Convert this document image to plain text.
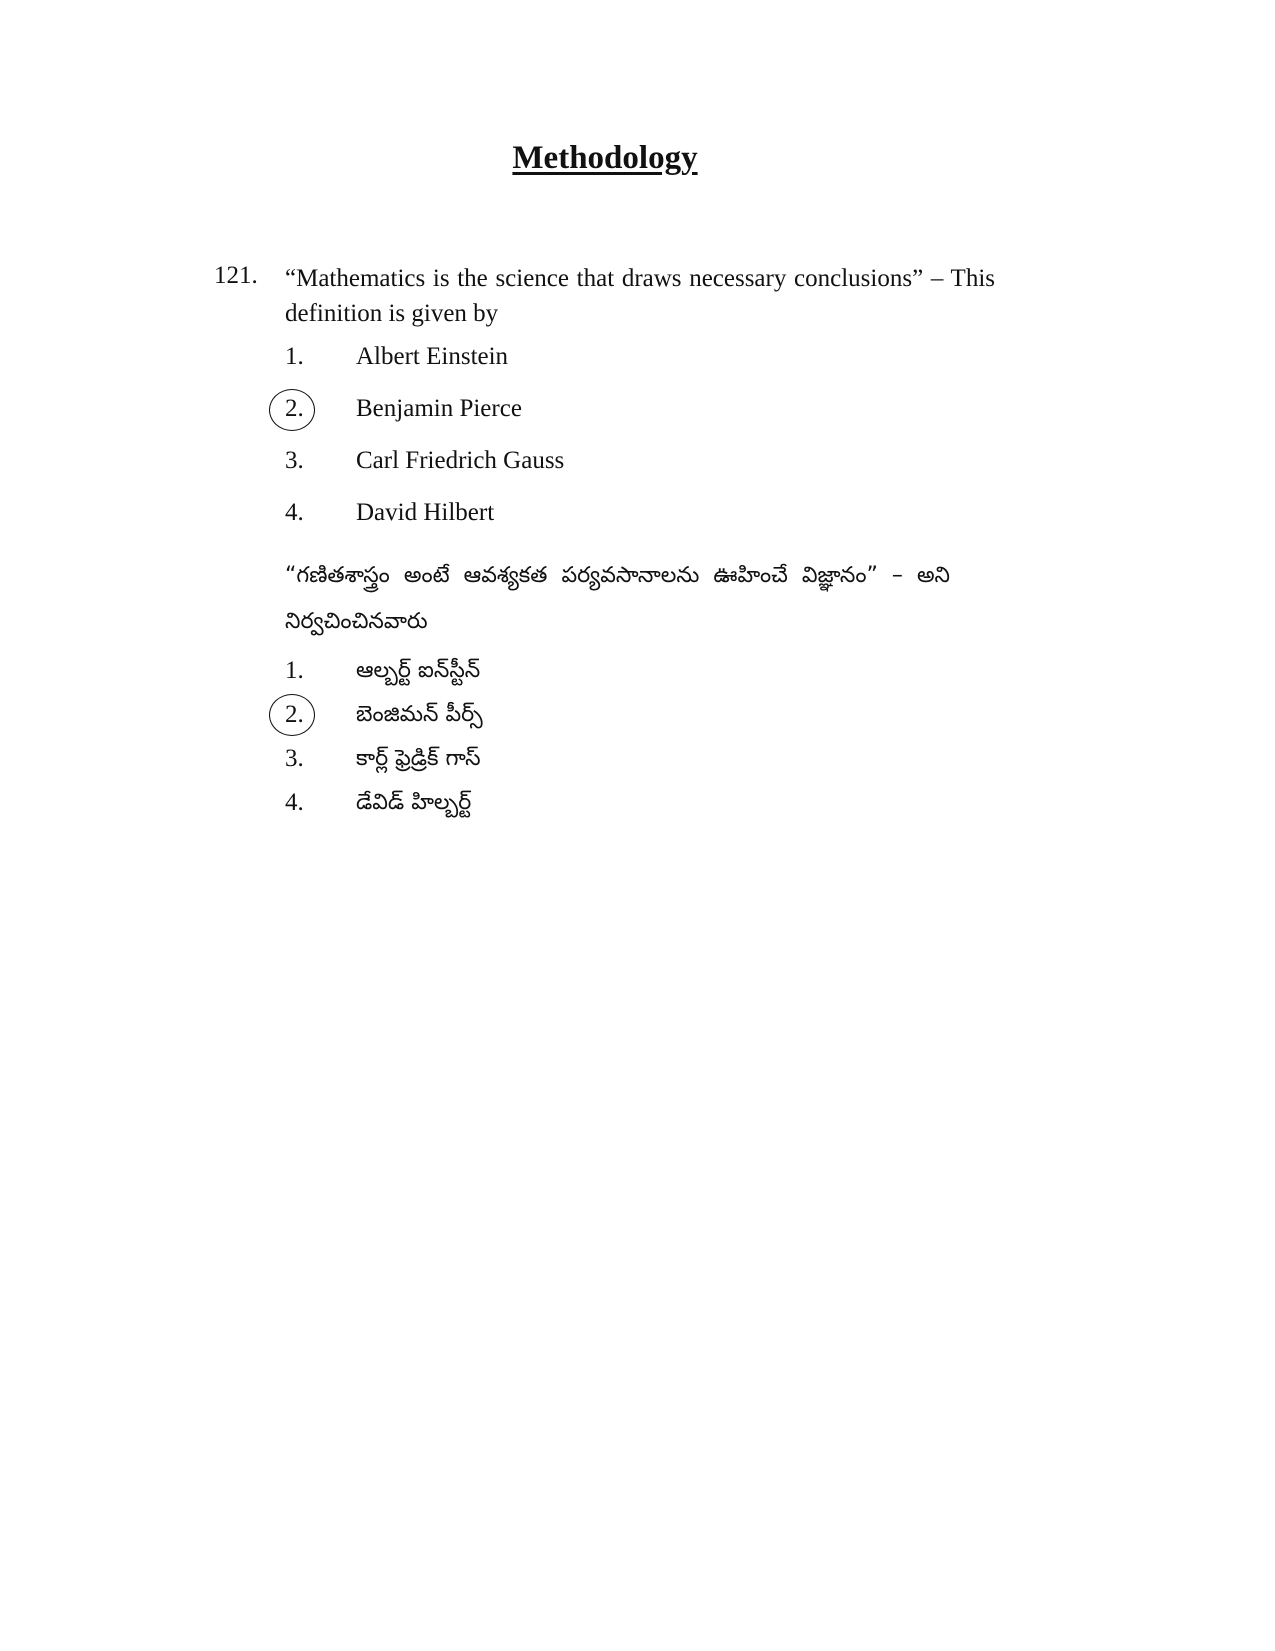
Methodology
121. “Mathematics is the science that draws necessary conclusions” – This definition is given by
1. Albert Einstein
2. Benjamin Pierce
3. Carl Friedrich Gauss
4. David Hilbert
“గణితశాస్త్రం అంటే ఆవశ్యకత పర్యవసానాలను ఊహించే విజ్ఞానం” – అని నిర్వచించినవారు
1. ఆల్బర్ట్ ఐన్‌స్టీన్
2. బెంజిమన్ పీర్స్
3. కార్ల్ ఫ్రెడ్రిక్ గాస్
4. డేవిడ్ హిల్బర్ట్
